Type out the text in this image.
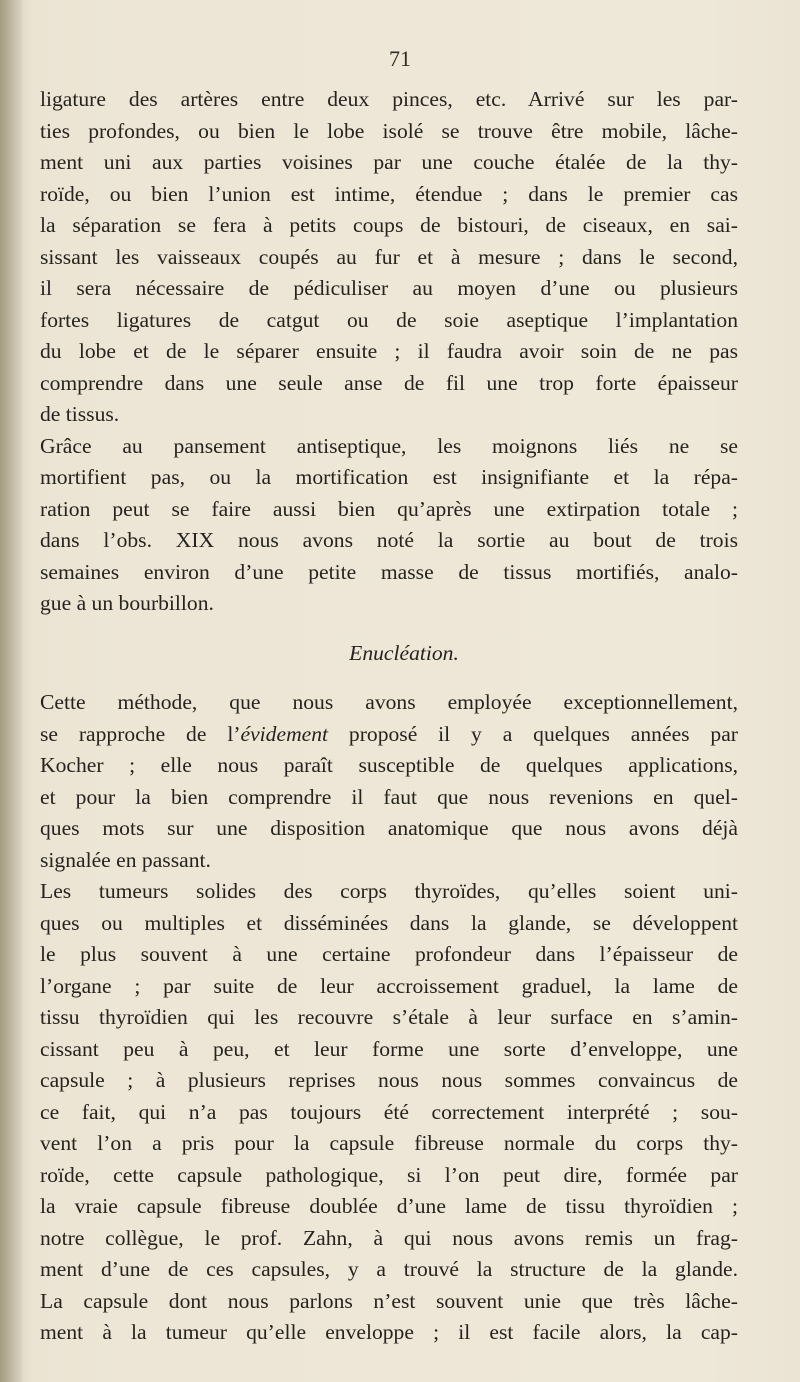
71
ligature des artères entre deux pinces, etc. Arrivé sur les par-
ties profondes, ou bien le lobe isolé se trouve être mobile, lâche-
ment uni aux parties voisines par une couche étalée de la thy-
roïde, ou bien l’union est intime, étendue ; dans le premier cas
la séparation se fera à petits coups de bistouri, de ciseaux, en sai-
sissant les vaisseaux coupés au fur et à mesure ; dans le second,
il sera nécessaire de pédiculiser au moyen d’une ou plusieurs
fortes ligatures de catgut ou de soie aseptique l’implantation
du lobe et de le séparer ensuite ; il faudra avoir soin de ne pas
comprendre dans une seule anse de fil une trop forte épaisseur
de tissus.
Grâce au pansement antiseptique, les moignons liés ne se
mortifient pas, ou la mortification est insignifiante et la répa-
ration peut se faire aussi bien qu’après une extirpation totale ;
dans l’obs. XIX nous avons noté la sortie au bout de trois
semaines environ d’une petite masse de tissus mortifiés, analo-
gue à un bourbillon.
Enucléation.
Cette méthode, que nous avons employée exceptionnellement,
se rapproche de l’évidement proposé il y a quelques années par
Kocher ; elle nous paraît susceptible de quelques applications,
et pour la bien comprendre il faut que nous revenions en quel-
ques mots sur une disposition anatomique que nous avons déjà
signalée en passant.
Les tumeurs solides des corps thyroïdes, qu’elles soient uni-
ques ou multiples et disséminées dans la glande, se développent
le plus souvent à une certaine profondeur dans l’épaisseur de
l’organe ; par suite de leur accroissement graduel, la lame de
tissu thyroïdien qui les recouvre s’étale à leur surface en s’amin-
cissant peu à peu, et leur forme une sorte d’enveloppe, une
capsule ; à plusieurs reprises nous nous sommes convaincus de
ce fait, qui n’a pas toujours été correctement interprété ; sou-
vent l’on a pris pour la capsule fibreuse normale du corps thy-
roïde, cette capsule pathologique, si l’on peut dire, formée par
la vraie capsule fibreuse doublée d’une lame de tissu thyroïdien ;
notre collègue, le prof. Zahn, à qui nous avons remis un frag-
ment d’une de ces capsules, y a trouvé la structure de la glande.
La capsule dont nous parlons n’est souvent unie que très lâche-
ment à la tumeur qu’elle enveloppe ; il est facile alors, la cap-
